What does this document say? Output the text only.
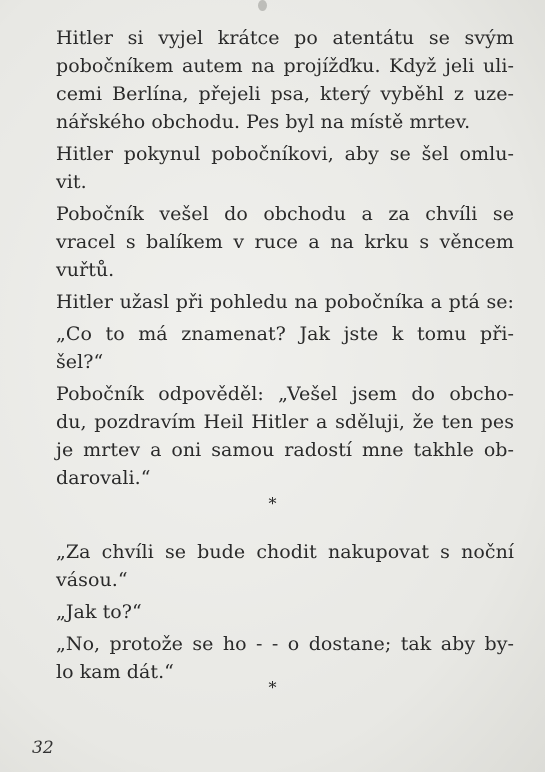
Hitler si vyjel krátce po atentátu se svým
pobočníkem autem na projížďku. Když jeli uli-
cemi Berlína, přejeli psa, který vyběhl z uze-
nářského obchodu. Pes byl na místě mrtev.
Hitler pokynul pobočníkovi, aby se šel omlu-
vit.
Pobočník vešel do obchodu a za chvíli se
vracel s balíkem v ruce a na krku s věncem
vuřtů.
Hitler užasl při pohledu na pobočníka a ptá se:
„Co to má znamenat? Jak jste k tomu při-
šel?“
Pobočník odpověděl: „Vešel jsem do obcho-
du, pozdravím Heil Hitler a sděluji, že ten pes
je mrtev a oni samou radostí mne takhle ob-
darovali.“
*
„Za chvíli se bude chodit nakupovat s noční
vásou.“
„Jak to?“
„No, protože se ho - - o dostane; tak aby by-
lo kam dát.“
*
32
